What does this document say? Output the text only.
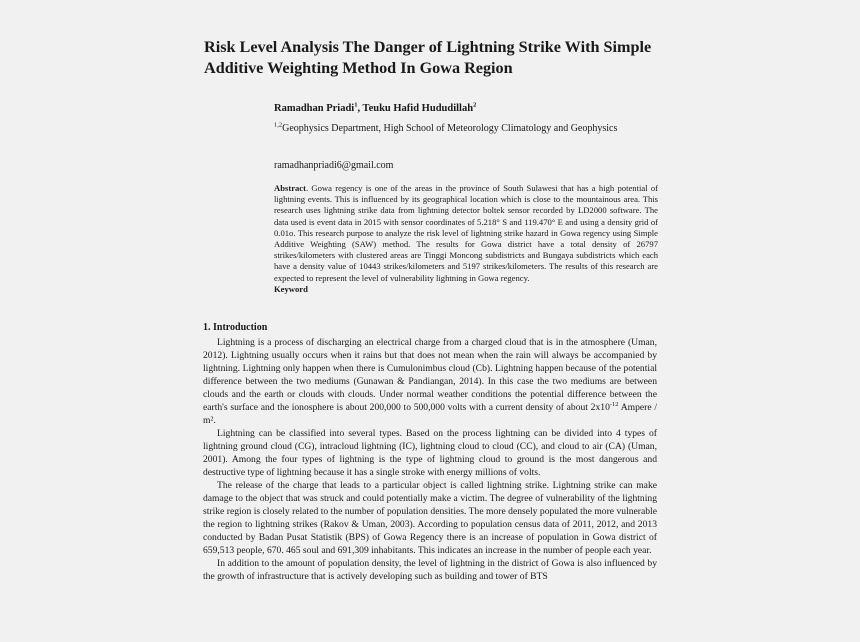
Risk Level Analysis The Danger of Lightning Strike With Simple Additive Weighting Method In Gowa Region
Ramadhan Priadi$^1$, Teuku Hafid Hududillah$^2$
$^{1,2}$Geophysics Department, High School of Meteorology Climatology and Geophysics
ramadhanpriadi6@gmail.com
Abstract. Gowa regency is one of the areas in the province of South Sulawesi that has a high potential of lightning events. This is influenced by its geographical location which is close to the mountainous area. This research uses lightning strike data from lightning detector boltek sensor recorded by LD2000 software. The data used is event data in 2015 with sensor coordinates of 5.218° S and 119.470° E and using a density grid of 0.01o. This research purpose to analyze the risk level of lightning strike hazard in Gowa regency using Simple Additive Weighting (SAW) method. The results for Gowa district have a total density of 26797 strikes/kilometers with clustered areas are Tinggi Moncong subdistricts and Bungaya subdistricts which each have a density value of 10443 strikes/kilometers and 5197 strikes/kilometers. The results of this research are expected to represent the level of vulnerability lightning in Gowa regency.
Keyword
1. Introduction

Lightning is a process of discharging an electrical charge from a charged cloud that is in the atmosphere (Uman, 2012). Lightning usually occurs when it rains but that does not mean when the rain will always be accompanied by lightning. Lightning only happen when there is Cumulonimbus cloud (Cb). Lightning happen because of the potential difference between the two mediums (Gunawan & Pandiangan, 2014). In this case the two mediums are between clouds and the earth or clouds with clouds. Under normal weather conditions the potential difference between the earth's surface and the ionosphere is about 200,000 to 500,000 volts with a current density of about $2x10^{-12}$ Ampere / m².

Lightning can be classified into several types. Based on the process lightning can be divided into 4 types of lightning ground cloud (CG), intracloud lightning (IC), lightning cloud to cloud (CC), and cloud to air (CA) (Uman, 2001). Among the four types of lightning is the type of lightning cloud to ground is the most dangerous and destructive type of lightning because it has a single stroke with energy millions of volts.

The release of the charge that leads to a particular object is called lightning strike. Lightning strike can make damage to the object that was struck and could potentially make a victim. The degree of vulnerability of the lightning strike region is closely related to the number of population densities. The more densely populated the more vulnerable the region to lightning strikes (Rakov & Uman, 2003). According to population census data of 2011, 2012, and 2013 conducted by Badan Pusat Statistik (BPS) of Gowa Regency there is an increase of population in Gowa district of 659,513 people, 670. 465 soul and 691,309 inhabitants. This indicates an increase in the number of people each year.

In addition to the amount of population density, the level of lightning in the district of Gowa is also influenced by the growth of infrastructure that is actively developing such as building and tower of BTS
